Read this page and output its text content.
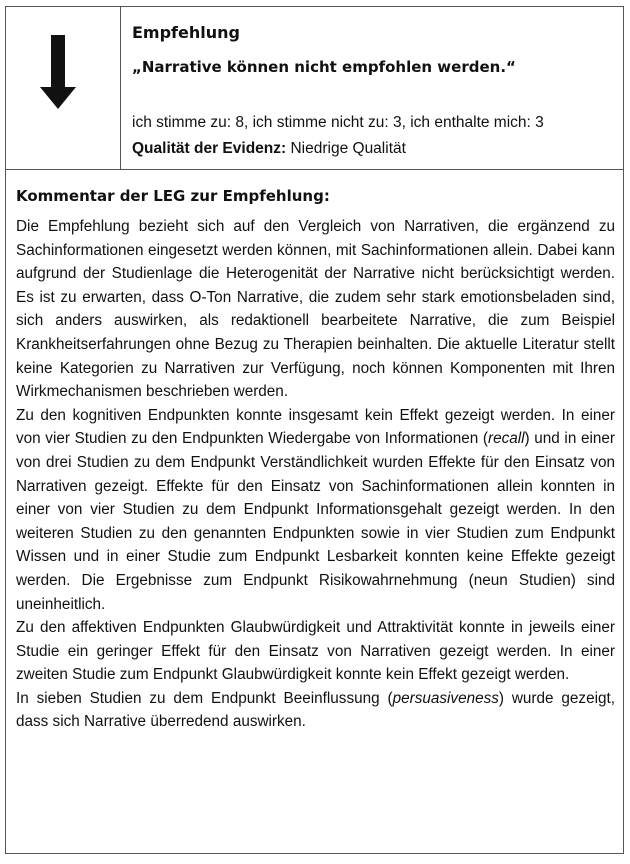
Empfehlung
„Narrative können nicht empfohlen werden.“
ich stimme zu: 8, ich stimme nicht zu: 3, ich enthalte mich: 3
Qualität der Evidenz: Niedrige Qualität
Kommentar der LEG zur Empfehlung:

Die Empfehlung bezieht sich auf den Vergleich von Narrativen, die ergänzend zu Sachinformationen eingesetzt werden können, mit Sachinformationen allein. Dabei kann aufgrund der Studienlage die Heterogenität der Narrative nicht berücksichtigt werden. Es ist zu erwarten, dass O-Ton Narrative, die zudem sehr stark emotionsbeladen sind, sich anders auswirken, als redaktionell bearbeitete Narrative, die zum Beispiel Krankheitserfahrungen ohne Bezug zu Therapien beinhalten. Die aktuelle Literatur stellt keine Kategorien zu Narrativen zur Verfügung, noch können Komponenten mit Ihren Wirkmechanismen beschrieben werden.

Zu den kognitiven Endpunkten konnte insgesamt kein Effekt gezeigt werden. In einer von vier Studien zu den Endpunkten Wiedergabe von Informationen (recall) und in einer von drei Studien zu dem Endpunkt Verständlichkeit wurden Effekte für den Einsatz von Narrativen gezeigt. Effekte für den Einsatz von Sachinformationen allein konnten in einer von vier Studien zu dem Endpunkt Informationsgehalt gezeigt werden. In den weiteren Studien zu den genannten Endpunkten sowie in vier Studien zum Endpunkt Wissen und in einer Studie zum Endpunkt Lesbarkeit konnten keine Effekte gezeigt werden. Die Ergebnisse zum Endpunkt Risikowahrnehmung (neun Studien) sind uneinheitlich.

Zu den affektiven Endpunkten Glaubwürdigkeit und Attraktivität konnte in jeweils einer Studie ein geringer Effekt für den Einsatz von Narrativen gezeigt werden. In einer zweiten Studie zum Endpunkt Glaubwürdigkeit konnte kein Effekt gezeigt werden.

In sieben Studien zu dem Endpunkt Beeinflussung (persuasiveness) wurde gezeigt, dass sich Narrative überredend auswirken.
